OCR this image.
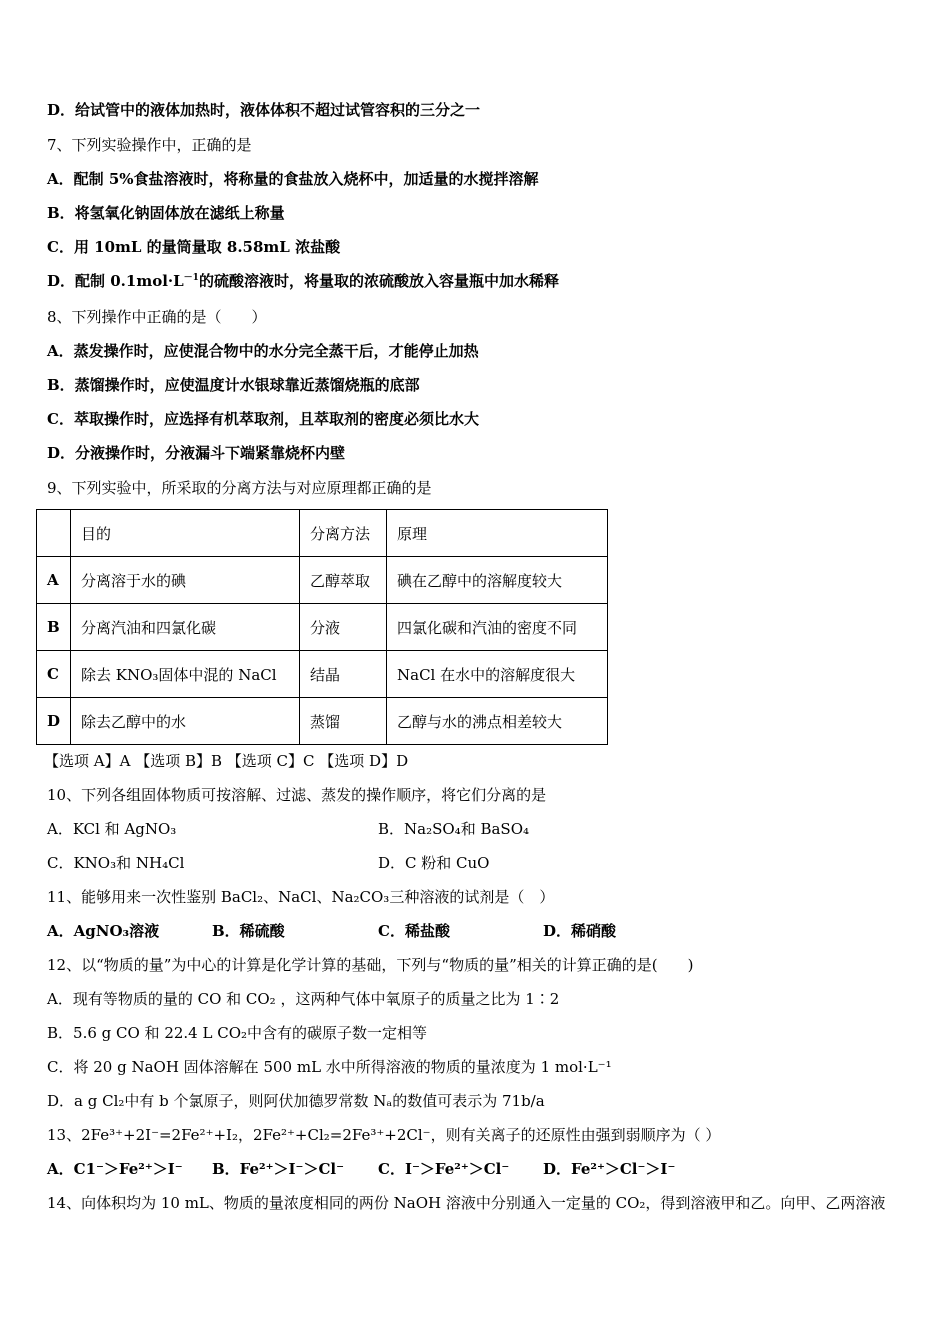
D．给试管中的液体加热时，液体体积不超过试管容积的三分之一
7、下列实验操作中，正确的是
A．配制 5%食盐溶液时，将称量的食盐放入烧杯中，加适量的水搅拌溶解
B．将氢氧化钠固体放在滤纸上称量
C．用 10mL 的量筒量取 8.58mL 浓盐酸
D．配制 $0.1mol\cdot L^{-1}$的硫酸溶液时，将量取的浓硫酸放入容量瓶中加水稀释
8、下列操作中正确的是（　　）
A．蒸发操作时，应使混合物中的水分完全蒸干后，才能停止加热
B．蒸馏操作时，应使温度计水银球靠近蒸馏烧瓶的底部
C．萃取操作时，应选择有机萃取剂，且萃取剂的密度必须比水大
D．分液操作时，分液漏斗下端紧靠烧杯内壁
9、下列实验中，所采取的分离方法与对应原理都正确的是
	目的	分离方法	原理
A	分离溶于水的碘	乙醇萃取	碘在乙醇中的溶解度较大
B	分离汽油和四氯化碳	分液	四氯化碳和汽油的密度不同
C	除去 KNO₃固体中混的 NaCl	结晶	NaCl 在水中的溶解度很大
D	除去乙醇中的水	蒸馏	乙醇与水的沸点相差较大
【选项 A】A 【选项 B】B 【选项 C】C 【选项 D】D
10、下列各组固体物质可按溶解、过滤、蒸发的操作顺序，将它们分离的是
A．KCl 和 AgNO₃	B．Na₂SO₄和 BaSO₄
C．KNO₃和 NH₄Cl	D．C 粉和 CuO
11、能够用来一次性鉴别 BaCl₂、NaCl、Na₂CO₃三种溶液的试剂是（　）
A．AgNO₃溶液	B．稀硫酸	C．稀盐酸	D．稀硝酸
12、以“物质的量”为中心的计算是化学计算的基础，下列与“物质的量”相关的计算正确的是(　　)
A．现有等物质的量的 CO 和 CO₂ ，这两种气体中氧原子的质量之比为 1∶2
B．5.6 g CO 和 22.4 L CO₂中含有的碳原子数一定相等
C．将 20 g NaOH 固体溶解在 500 mL 水中所得溶液的物质的量浓度为 1 mol·L⁻¹
D．a g Cl₂中有 b 个氯原子，则阿伏加德罗常数 Nₐ的数值可表示为 71b/a
13、2Fe³⁺+2I⁻=2Fe²⁺+I₂，2Fe²⁺+Cl₂=2Fe³⁺+2Cl⁻，则有关离子的还原性由强到弱顺序为（ ）
A．C1⁻＞Fe²⁺＞I⁻ B．Fe²⁺＞I⁻＞Cl⁻ C．I⁻＞Fe²⁺＞Cl⁻ D．Fe²⁺＞Cl⁻＞I⁻
14、向体积均为 10 mL、物质的量浓度相同的两份 NaOH 溶液中分别通入一定量的 CO₂，得到溶液甲和乙。向甲、乙两溶液
